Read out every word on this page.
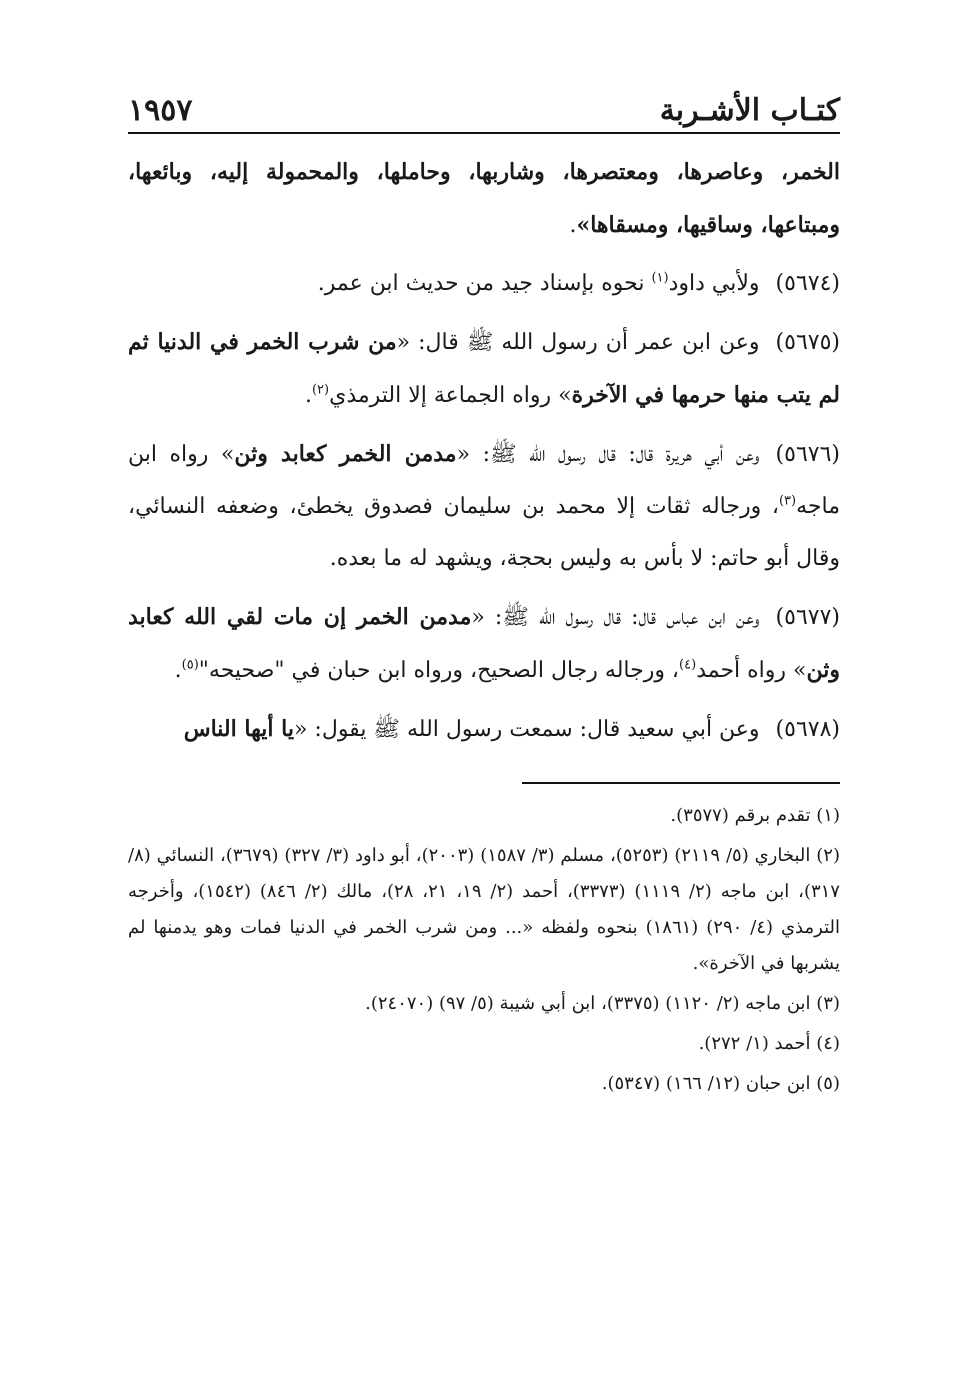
كتـاب الأشـربة
١٩٥٧

الخمر، وعاصرها، ومعتصرها، وشاربها، وحاملها، والمحمولة إليه، وبائعها، ومبتاعها، وساقيها، ومسقاها».

(٥٦٧٤)ولأبي داود$^{(١)}$ نحوه بإسناد جيد من حديث ابن عمر.

(٥٦٧٥)وعن ابن عمر أن رسول الله ﷺ قال: «من شرب الخمر في الدنيا ثم لم يتب منها حرمها في الآخرة» رواه الجماعة إلا الترمذي$^{(٢)}$.

(٥٦٧٦)وعن أبي هريرة قال: قال رسول الله ﷺ: «مدمن الخمر كعابد وثن» رواه ابن ماجه$^{(٣)}$، ورجاله ثقات إلا محمد بن سليمان فصدوق يخطئ، وضعفه النسائي، وقال أبو حاتم: لا بأس به وليس بحجة، ويشهد له ما بعده.

(٥٦٧٧)وعن ابن عباس قال: قال رسول الله ﷺ: «مدمن الخمر إن مات لقي الله كعابد وثن» رواه أحمد$^{(٤)}$، ورجاله رجال الصحيح، ورواه ابن حبان في "صحيحه"$^{(٥)}$.

(٥٦٧٨)وعن أبي سعيد قال: سمعت رسول الله ﷺ يقول: «يا أيها الناس

(١) تقدم برقم (٣٥٧٧).

(٢) البخاري (٥/ ٢١١٩) (٥٢٥٣)، مسلم (٣/ ١٥٨٧) (٢٠٠٣)، أبو داود (٣/ ٣٢٧) (٣٦٧٩)، النسائي (٨/ ٣١٧)، ابن ماجه (٢/ ١١١٩) (٣٣٧٣)، أحمد (٢/ ١٩، ٢١، ٢٨)، مالك (٢/ ٨٤٦) (١٥٤٢)، وأخرجه الترمذي (٤/ ٢٩٠) (١٨٦١) بنحوه ولفظه «... ومن شرب الخمر في الدنيا فمات وهو يدمنها لم يشربها في الآخرة».

(٣) ابن ماجه (٢/ ١١٢٠) (٣٣٧٥)، ابن أبي شيبة (٥/ ٩٧) (٢٤٠٧٠).

(٤) أحمد (١/ ٢٧٢).

(٥) ابن حبان (١٢/ ١٦٦) (٥٣٤٧).
